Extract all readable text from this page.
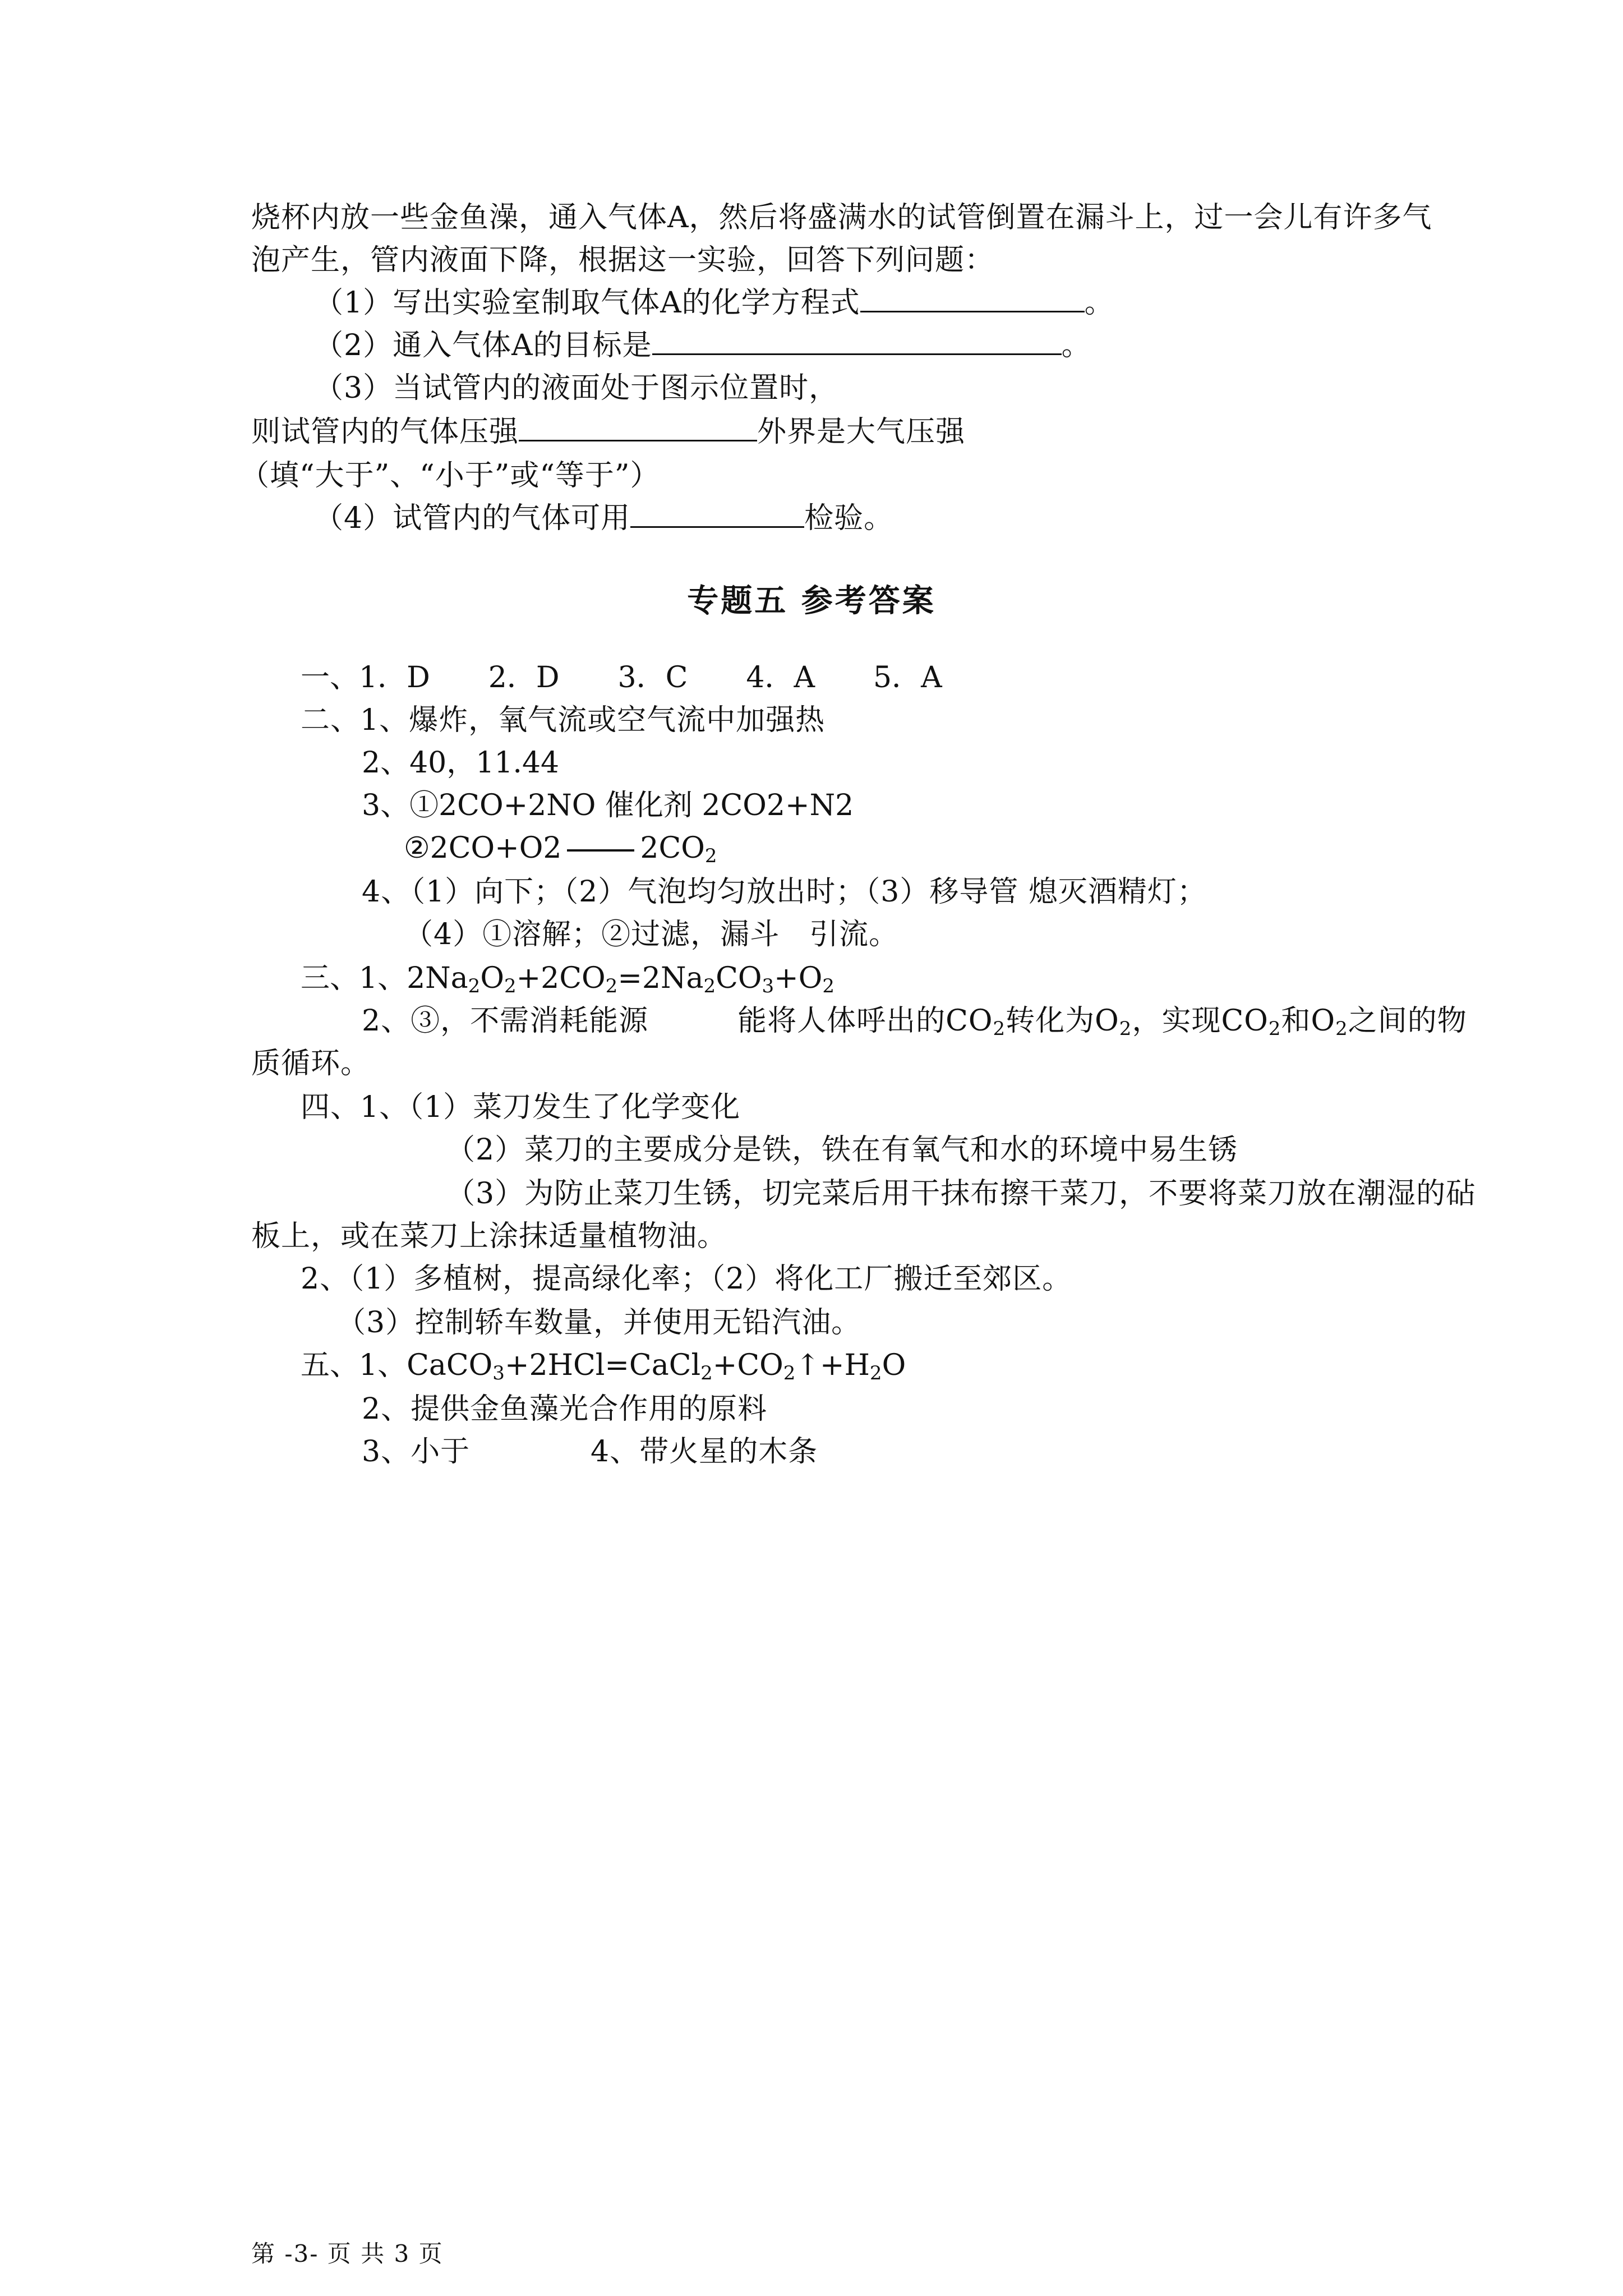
烧杯内放一些金鱼澡，通入气体A，然后将盛满水的试管倒置在漏斗上，过一会儿有许多气
泡产生，管内液面下降，根据这一实验，回答下列问题：
（1）写出实验室制取气体A的化学方程式	。
（2）通入气体A的目标是	。
（3）当试管内的液面处于图示位置时，
则试管内的气体压强	外界是大气压强
（填“大于”、“小于”或“等于”）
（4）试管内的气体可用	检验。
专题五 参考答案
一、1．D　　2．D　　3．C　　4．A　　5．A
二、1、爆炸，氧气流或空气流中加强热
2、40，11.44
3、①2CO+2NO 催化剂 2CO2+N2
②2CO+O2	$2CO_2$
4、（1）向下；（2）气泡均匀放出时；（3）移导管 熄灭酒精灯；
（4）①溶解；②过滤，漏斗　引流。
三、1、$2Na_2O_2+2CO_2=2Na_2CO_3+O_2$
2、③，不需消耗能源　　　能将人体呼出的$CO_2$转化为$O_2$，实现$CO_2$和$O_2$之间的物
质循环。
四、1、（1）菜刀发生了化学变化
（2）菜刀的主要成分是铁，铁在有氧气和水的环境中易生锈
（3）为防止菜刀生锈，切完菜后用干抹布擦干菜刀，不要将菜刀放在潮湿的砧
板上，或在菜刀上涂抹适量植物油。
2、（1）多植树，提高绿化率；（2）将化工厂搬迁至郊区。
（3）控制轿车数量，并使用无铅汽油。
五、1、$CaCO_3+2HCl=CaCl_2+CO_2↑+H_2O$
2、提供金鱼藻光合作用的原料
3、小于	4、带火星的木条
第 -3- 页 共 3 页
